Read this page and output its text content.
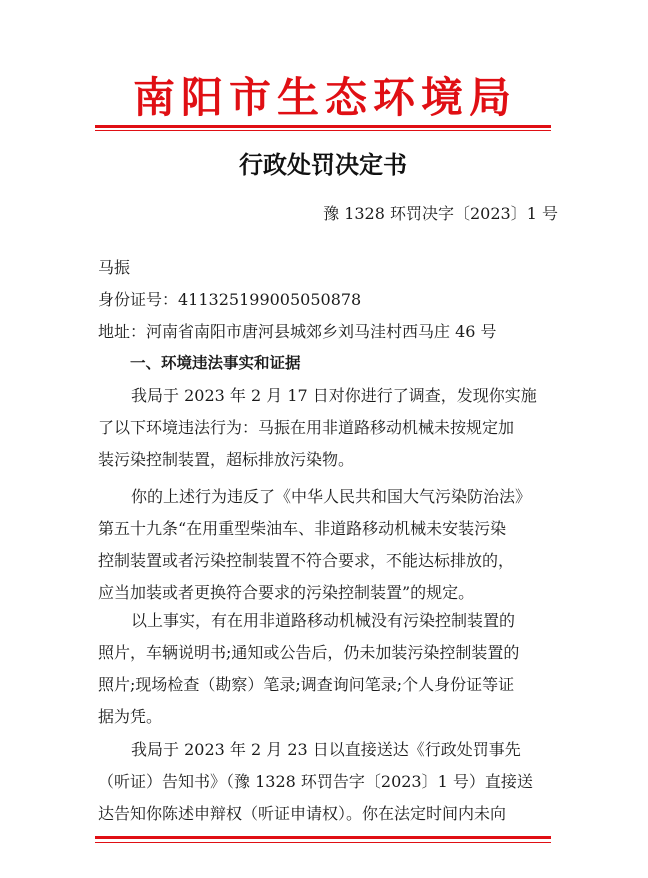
南阳市生态环境局
行政处罚决定书
豫 1328 环罚决字〔2023〕1 号
马振
身份证号：411325199005050878
地址：河南省南阳市唐河县城郊乡刘马洼村西马庄 46 号
一、环境违法事实和证据
我局于 2023 年 2 月 17 日对你进行了调查，发现你实施
了以下环境违法行为：马振在用非道路移动机械未按规定加
装污染控制装置，超标排放污染物。
你的上述行为违反了《中华人民共和国大气污染防治法》
第五十九条“在用重型柴油车、非道路移动机械未安装污染
控制装置或者污染控制装置不符合要求，不能达标排放的，
应当加装或者更换符合要求的污染控制装置”的规定。
以上事实，有在用非道路移动机械没有污染控制装置的
照片，车辆说明书;通知或公告后，仍未加装污染控制装置的
照片;现场检查（勘察）笔录;调查询问笔录;个人身份证等证
据为凭。
我局于 2023 年 2 月 23 日以直接送达《行政处罚事先
（听证）告知书》（豫 1328 环罚告字〔2023〕1 号）直接送
达告知你陈述申辩权（听证申请权）。你在法定时间内未向
